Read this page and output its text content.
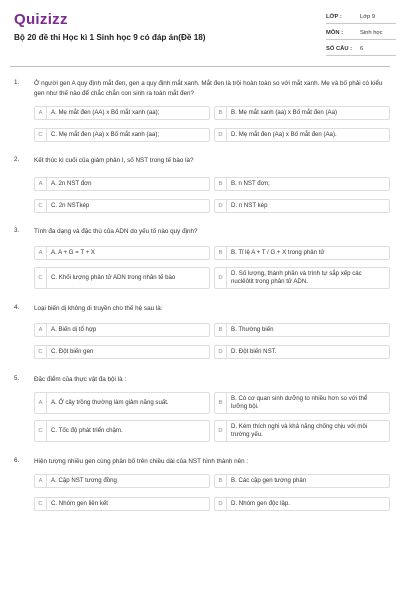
Quizizz
Bộ 20 đề thi Học kì 1 Sinh học 9 có đáp án(Đề 18)
LỚP :	Lớp 9
MÔN :	Sinh học
SỐ CÂU :	6
1. Ở người gen A quy định mắt đen, gen a quy định mắt xanh. Mắt đen là trội hoàn toàn so với mắt xanh. Mẹ và bố phải có kiểu gen như thế nào để chắc chắn con sinh ra toàn mắt đen?
A	A. Mẹ mắt đen (AA) x Bố mắt xanh (aa);	B	B. Mẹ mắt xanh (aa) x Bố mắt đen (Aa)
C	C. Mẹ mắt đen (Aa) x Bố mắt xanh (aa);	D	D. Mẹ mắt đen (Aa) x Bố mắt đen (Aa).
2. Kết thúc kì cuối của giảm phân I, số NST trong tế bào là?
A	A. 2n NST đơn	B	B. n NST đơn;
C	C. 2n NSTkép	D	D. n NST kép
3. Tính đa dạng và đặc thù của ADN do yếu tố nào quy định?
A	A. A + G = T + X	B	B. Tỉ lệ A + T / G + X trong phân tử
C	C. Khối lượng phân tử ADN trong nhân tế bào	D
D. Số lượng, thành phần và trình tự sắp xếp các nuclêôtit trong phân tử ADN.
4. Loại biến dị không di truyền cho thế hệ sau là:
A	A. Biến dị tổ hợp	B	B. Thường biến
C	C. Đột biến gen	D	D. Đột biến NST.
5. Đặc điểm của thực vật đa bội là :
A	A. Ở cây trồng thường làm giảm năng suất.	B
B. Có cơ quan sinh dưỡng to nhiều hơn so với thể lưỡng bội.
C	C. Tốc độ phát triển chậm.	D
D. Kém thích nghi và khả năng chống chịu với môi trường yếu.
6. Hiện tượng nhiều gen cùng phân bố trên chiều dài của NST hình thành nên :
A	A. Cặp NST tương đồng	B	B. Các cặp gen tương phản
C	C. Nhóm gen liên kết	D	D. Nhóm gen độc lập.
